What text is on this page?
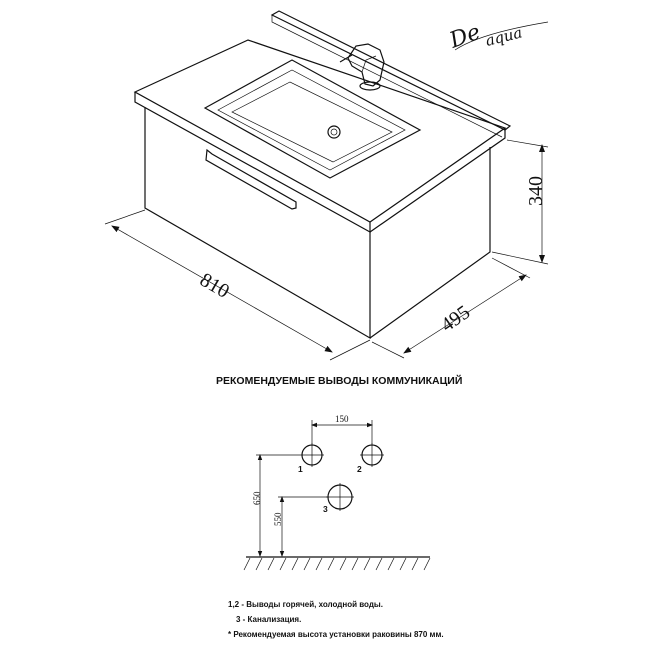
De aqua
810
495
340
РЕКОМЕНДУЕМЫЕ ВЫВОДЫ КОММУНИКАЦИЙ
150
1	2
3
650
550
1,2 - Выводы горячей, холодной воды.
3 - Канализация.
* Рекомендуемая высота установки раковины 870 мм.
